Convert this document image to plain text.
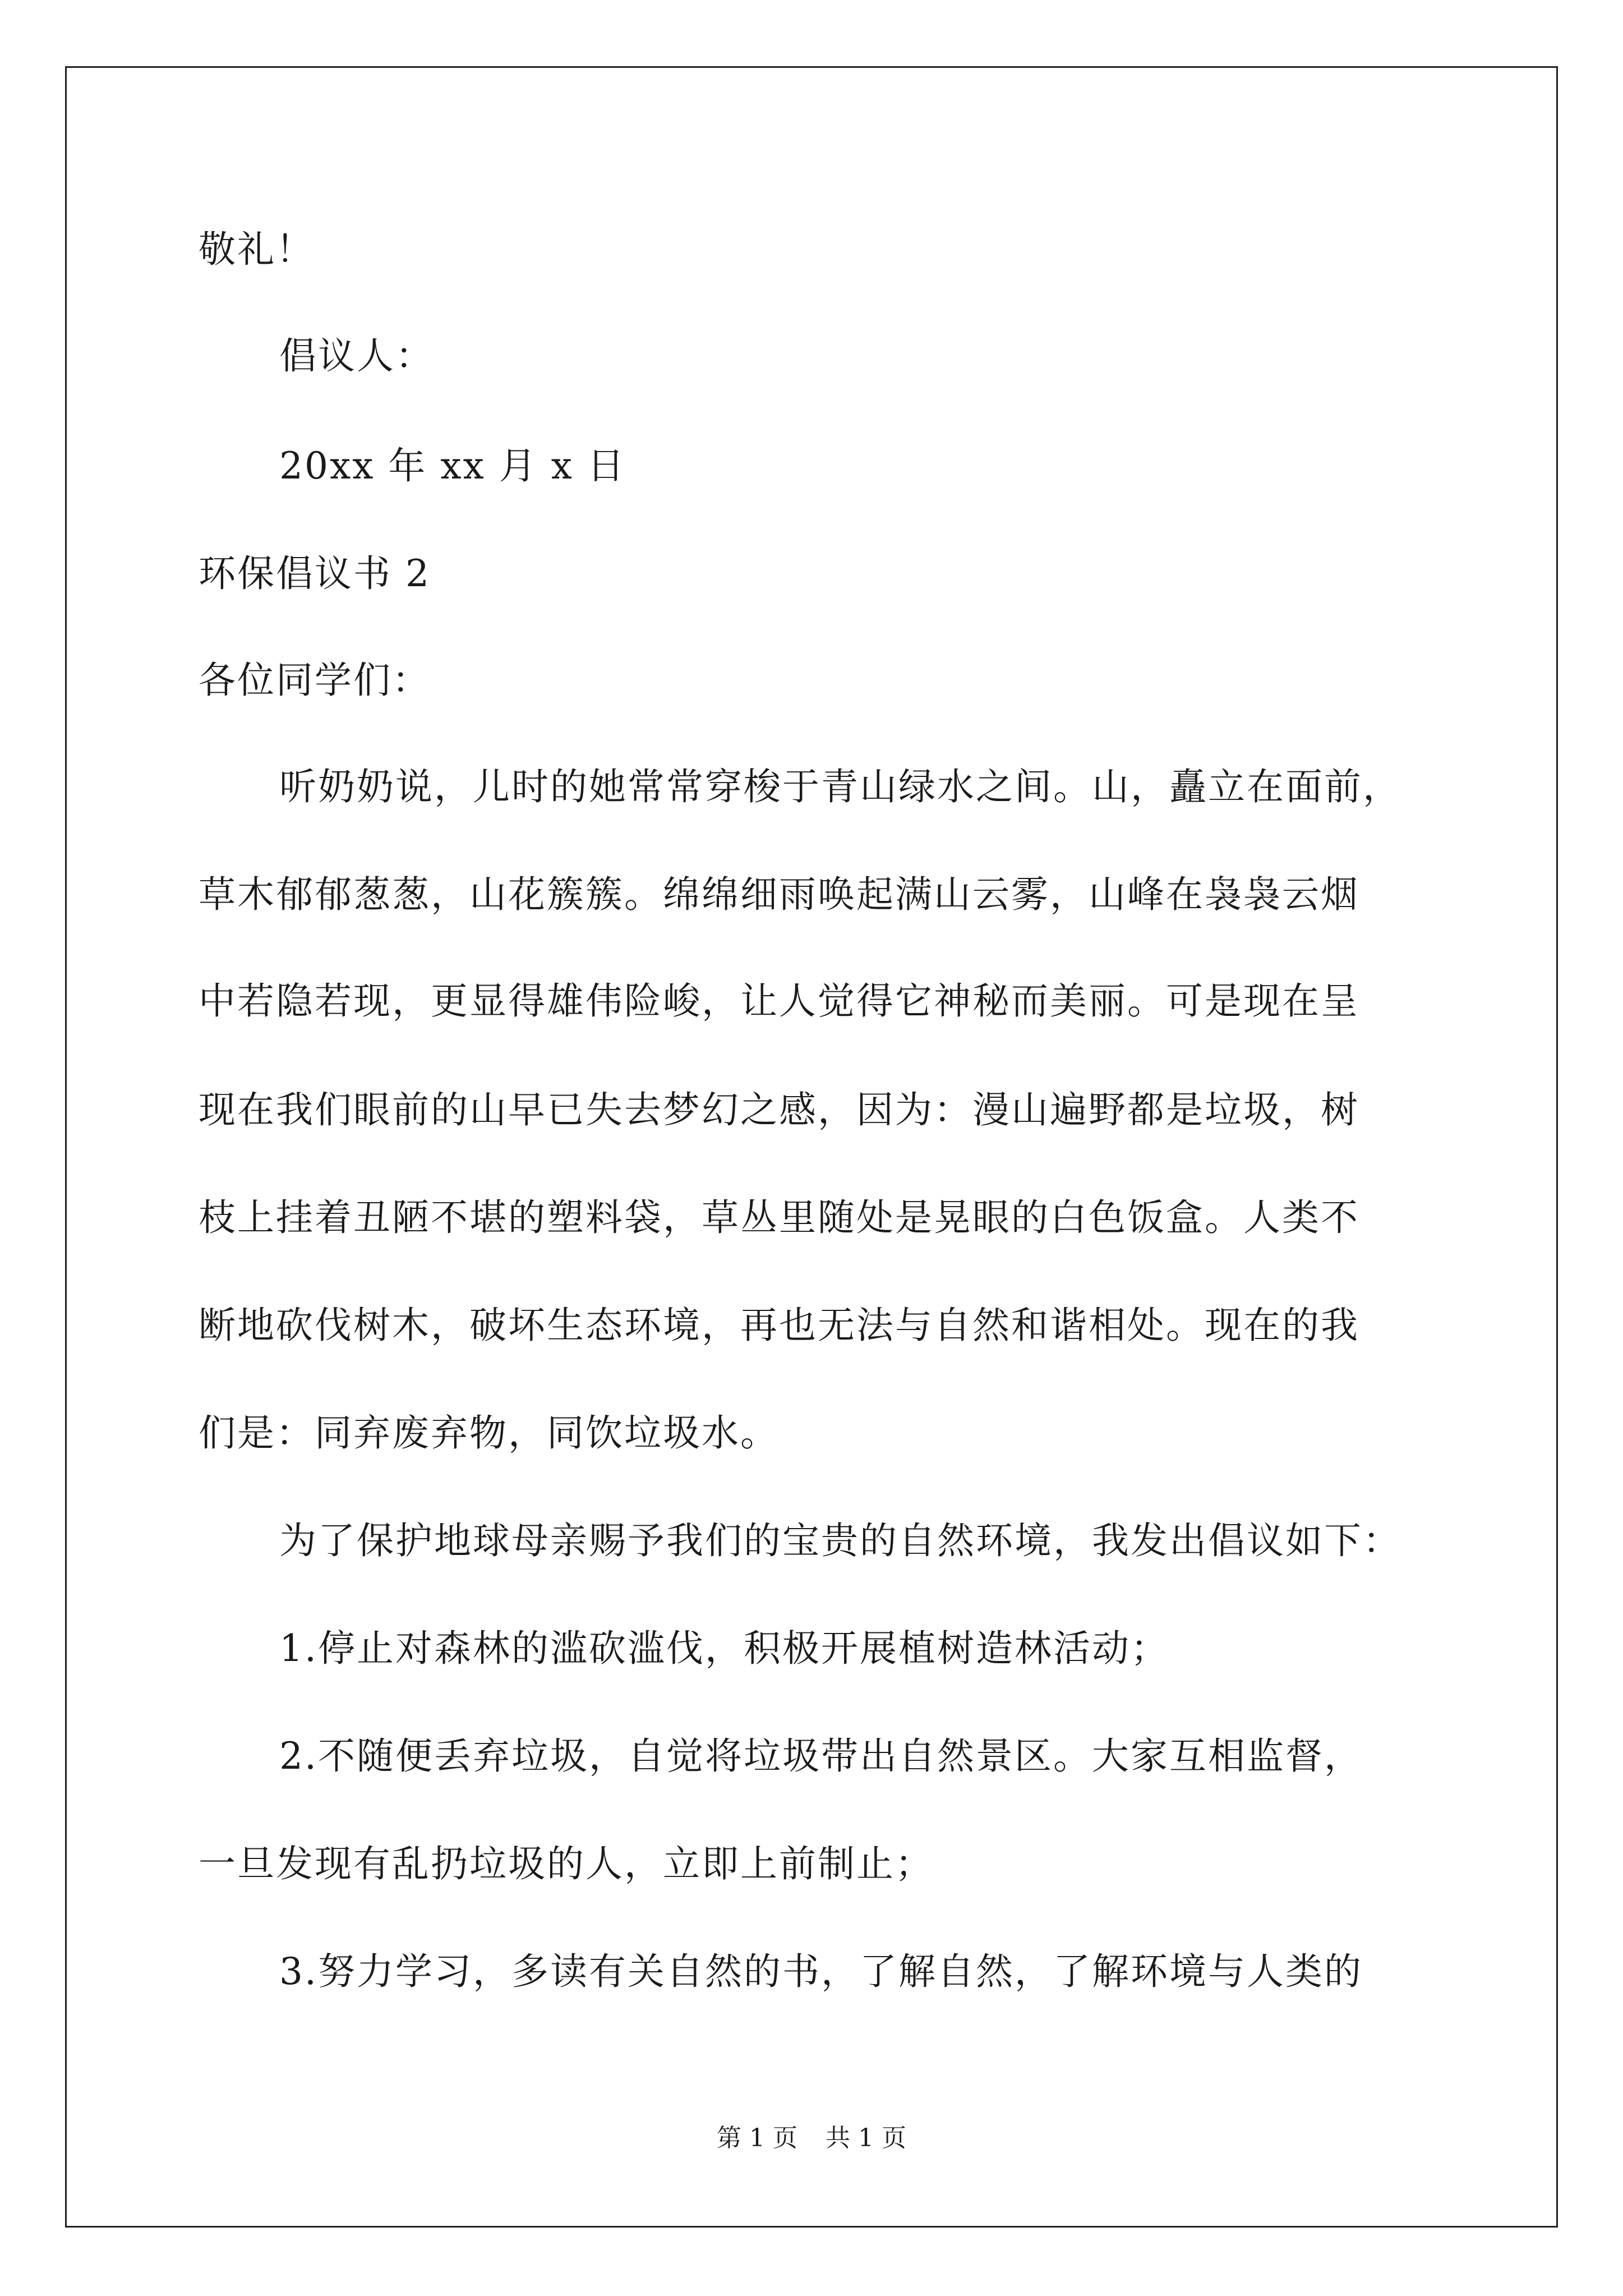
敬礼！
倡议人：
20xx 年 xx 月 x 日
环保倡议书 2
各位同学们：
听奶奶说，儿时的她常常穿梭于青山绿水之间。山，矗立在面前，
草木郁郁葱葱，山花簇簇。绵绵细雨唤起满山云雾，山峰在袅袅云烟
中若隐若现，更显得雄伟险峻，让人觉得它神秘而美丽。可是现在呈
现在我们眼前的山早已失去梦幻之感，因为：漫山遍野都是垃圾，树
枝上挂着丑陋不堪的塑料袋，草丛里随处是晃眼的白色饭盒。人类不
断地砍伐树木，破坏生态环境，再也无法与自然和谐相处。现在的我
们是：同弃废弃物，同饮垃圾水。
为了保护地球母亲赐予我们的宝贵的自然环境，我发出倡议如下：
1.停止对森林的滥砍滥伐，积极开展植树造林活动；
2.不随便丢弃垃圾，自觉将垃圾带出自然景区。大家互相监督，
一旦发现有乱扔垃圾的人，立即上前制止；
3.努力学习，多读有关自然的书，了解自然，了解环境与人类的
第 1 页 共 1 页
